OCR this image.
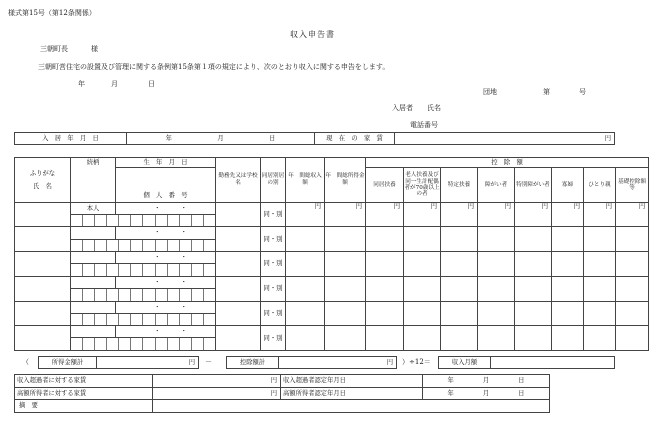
様式第15号（第12条関係）
収入申告書
三朝町長	様
三朝町営住宅の設置及び管理に関する条例第15条第１項の規定により、次のとおり収入に関する申告をします。
年	月	日
団地	第	号
入居者 氏名
電話番号
入　居　年　月　日	年	月	日	現　在　の　家　賃	円
ふりがな
氏　名	続柄	生　年　月　日	勤務先又は学校名	同居別居の別	年　間総収入額	年　間総所得金額	控　除　額							
		個　人　番　号					同居扶養	老人扶養及び同一生計配偶者が70歳以上の者	特定扶養	障がい者	特別障がい者	寡婦	ひとり親	基礎控除額等
	本人	・ ・		同・別	円	円	円	円	円	円	円	円	円	円

		・ ・		同・別										

		・ ・		同・別										

		・ ・		同・別										

		・ ・		同・別										

		・ ・		同・別										

（	所得金額計	円 －	控除額計	円 ）÷12＝	収入月額	
収入超過者に対する家賃	円	収入超過者認定年月日	年 月 日

高額所得者に対する家賃	円	高額所得者認定年月日	年 月 日

摘　要			
